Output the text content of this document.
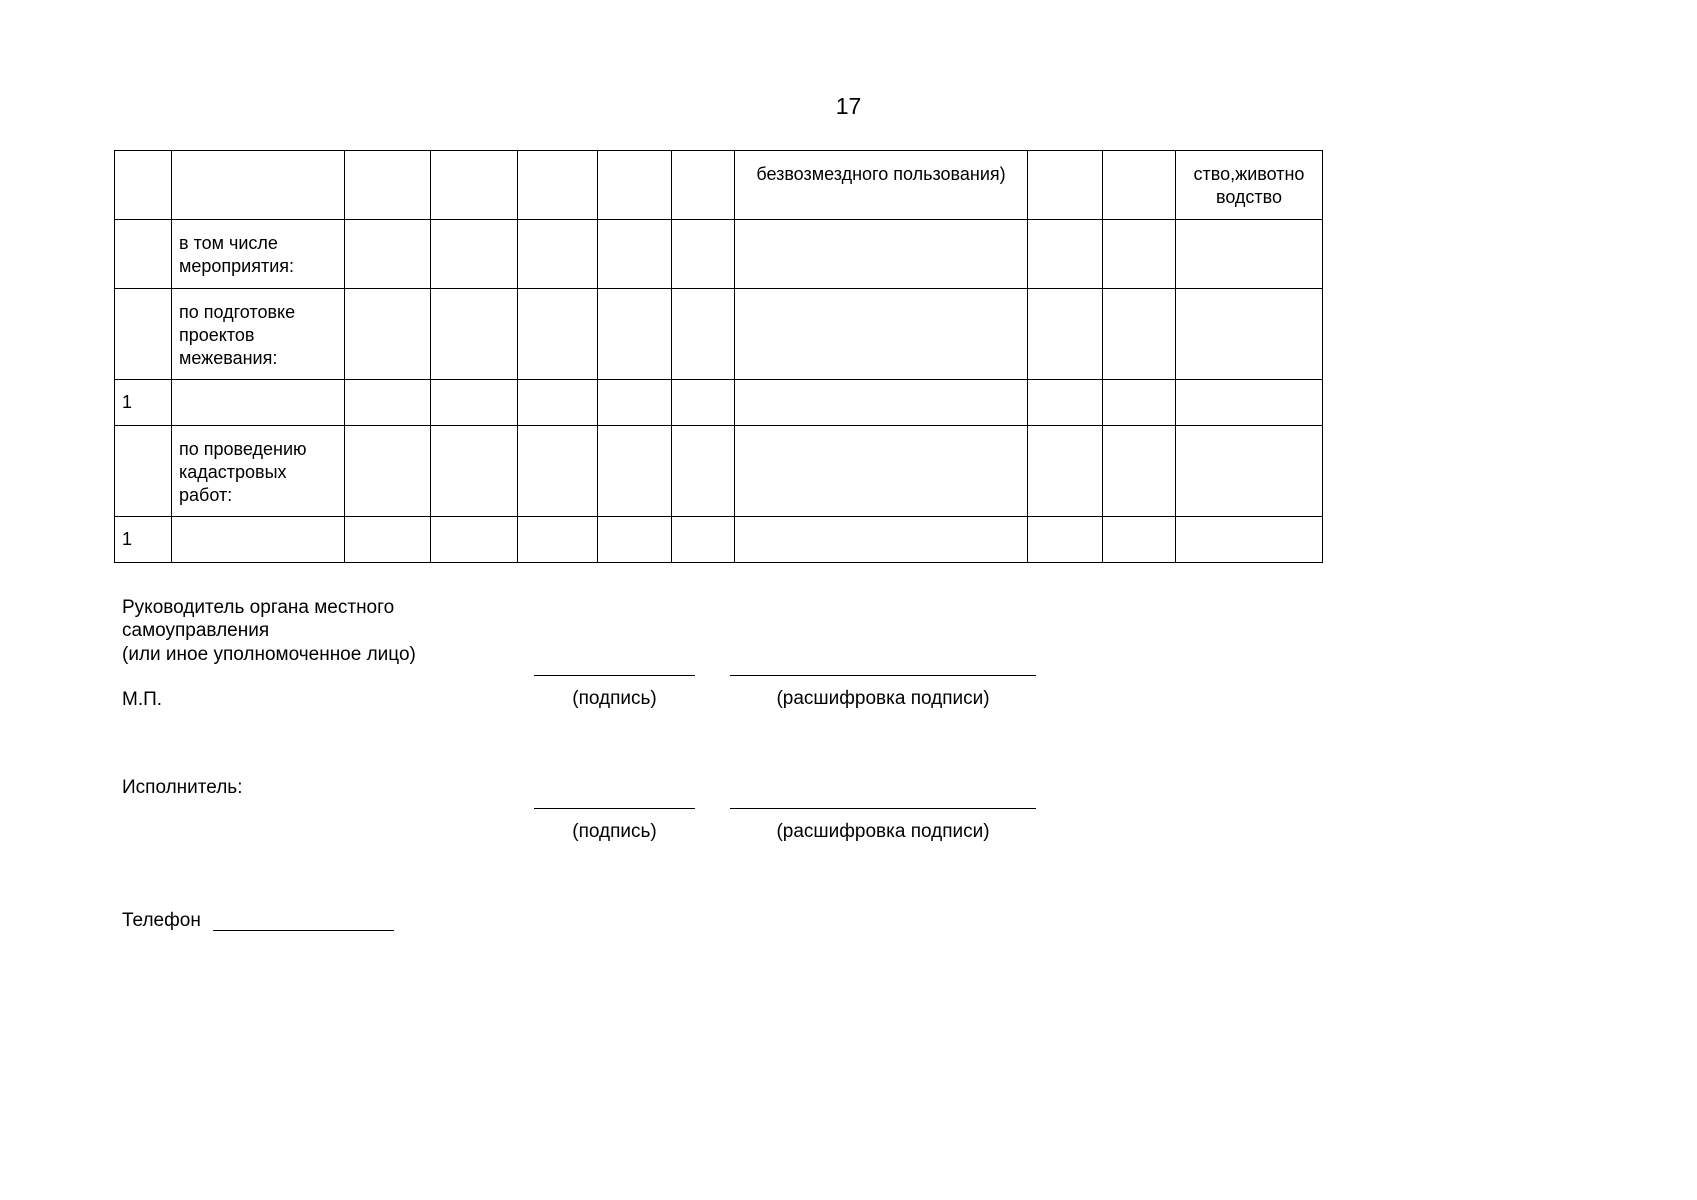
17
							безвозмездного пользования)			ство,животно водство
	в том числе мероприятия:									
	по подготовке проектов межевания:									
1										
	по проведению кадастровых работ:									
1										
Руководитель органа местного самоуправления
(или иное уполномоченное лицо)
М.П.	(подпись)	(расшифровка подписи)
Исполнитель:
(подпись)	(расшифровка подписи)
Телефон
